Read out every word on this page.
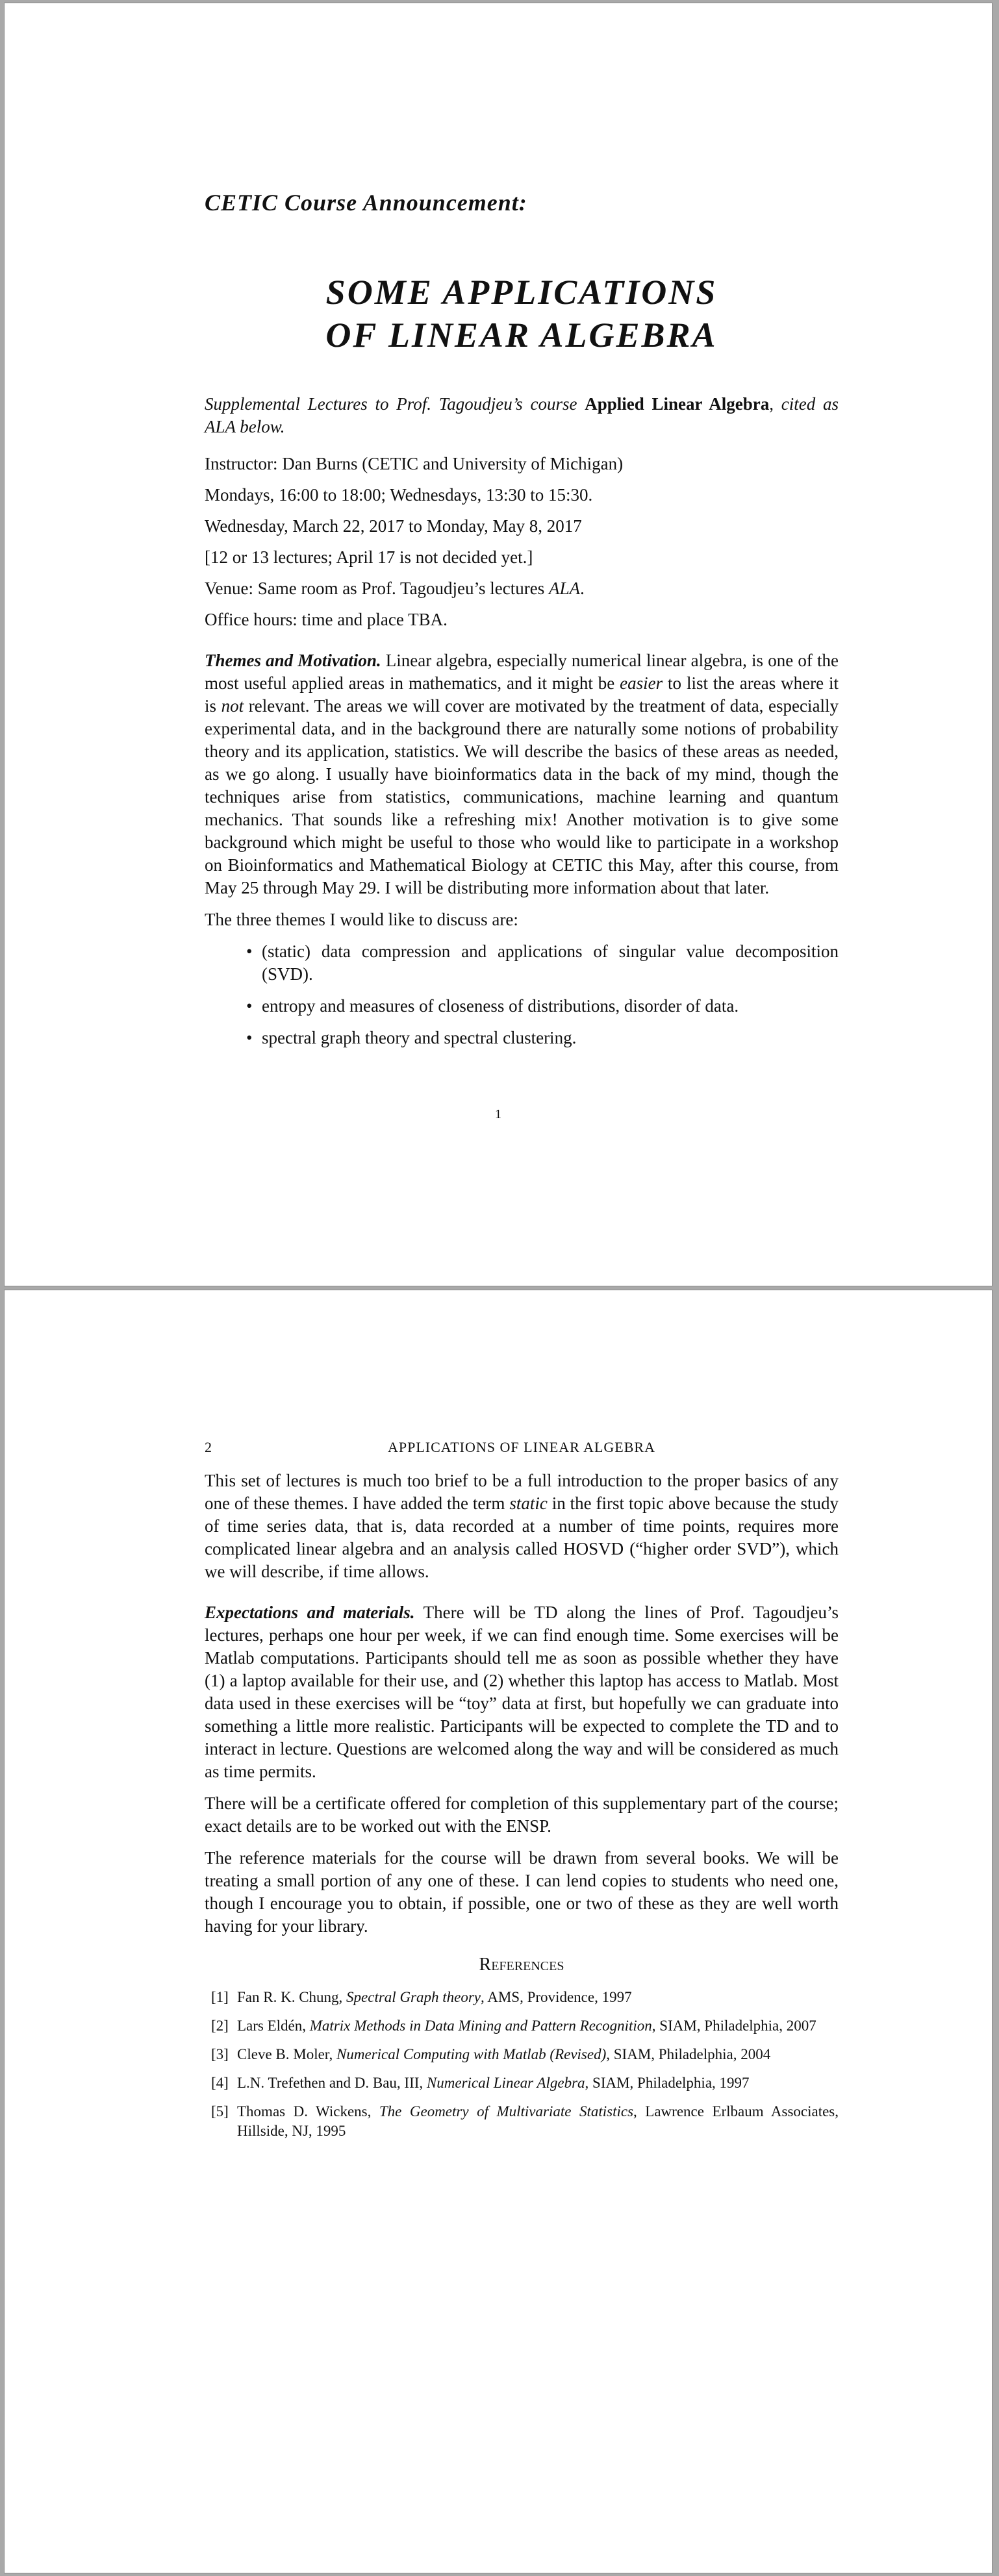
CETIC Course Announcement:

SOME APPLICATIONS
OF LINEAR ALGEBRA

Supplemental Lectures to Prof. Tagoudjeu’s course Applied Linear Algebra, cited as ALA below.

Instructor: Dan Burns (CETIC and University of Michigan)

Mondays, 16:00 to 18:00; Wednesdays, 13:30 to 15:30.

Wednesday, March 22, 2017 to Monday, May 8, 2017

[12 or 13 lectures; April 17 is not decided yet.]

Venue: Same room as Prof. Tagoudjeu’s lectures ALA.

Office hours: time and place TBA.

Themes and Motivation. Linear algebra, especially numerical linear algebra, is one of the most useful applied areas in mathematics, and it might be easier to list the areas where it is not relevant. The areas we will cover are motivated by the treatment of data, especially experimental data, and in the background there are naturally some notions of probability theory and its application, statistics. We will describe the basics of these areas as needed, as we go along. I usually have bioinformatics data in the back of my mind, though the techniques arise from statistics, communications, machine learning and quantum mechanics. That sounds like a refreshing mix! Another motivation is to give some background which might be useful to those who would like to participate in a workshop on Bioinformatics and Mathematical Biology at CETIC this May, after this course, from May 25 through May 29. I will be distributing more information about that later.

The three themes I would like to discuss are:

• (static) data compression and applications of singular value decomposition (SVD).
• entropy and measures of closeness of distributions, disorder of data.
• spectral graph theory and spectral clustering.
1
2	APPLICATIONS OF LINEAR ALGEBRA

This set of lectures is much too brief to be a full introduction to the proper basics of any one of these themes. I have added the term static in the first topic above because the study of time series data, that is, data recorded at a number of time points, requires more complicated linear algebra and an analysis called HOSVD (“higher order SVD”), which we will describe, if time allows.

Expectations and materials. There will be TD along the lines of Prof. Tagoudjeu’s lectures, perhaps one hour per week, if we can find enough time. Some exercises will be Matlab computations. Participants should tell me as soon as possible whether they have (1) a laptop available for their use, and (2) whether this laptop has access to Matlab. Most data used in these exercises will be “toy” data at first, but hopefully we can graduate into something a little more realistic. Participants will be expected to complete the TD and to interact in lecture. Questions are welcomed along the way and will be considered as much as time permits.

There will be a certificate offered for completion of this supplementary part of the course; exact details are to be worked out with the ENSP.

The reference materials for the course will be drawn from several books. We will be treating a small portion of any one of these. I can lend copies to students who need one, though I encourage you to obtain, if possible, one or two of these as they are well worth having for your library.

References
[1] Fan R. K. Chung, Spectral Graph theory, AMS, Providence, 1997
[2] Lars Eldén, Matrix Methods in Data Mining and Pattern Recognition, SIAM, Philadelphia, 2007
[3] Cleve B. Moler, Numerical Computing with Matlab (Revised), SIAM, Philadelphia, 2004
[4] L.N. Trefethen and D. Bau, III, Numerical Linear Algebra, SIAM, Philadelphia, 1997
[5] Thomas D. Wickens, The Geometry of Multivariate Statistics, Lawrence Erlbaum Associates, Hillside, NJ, 1995
